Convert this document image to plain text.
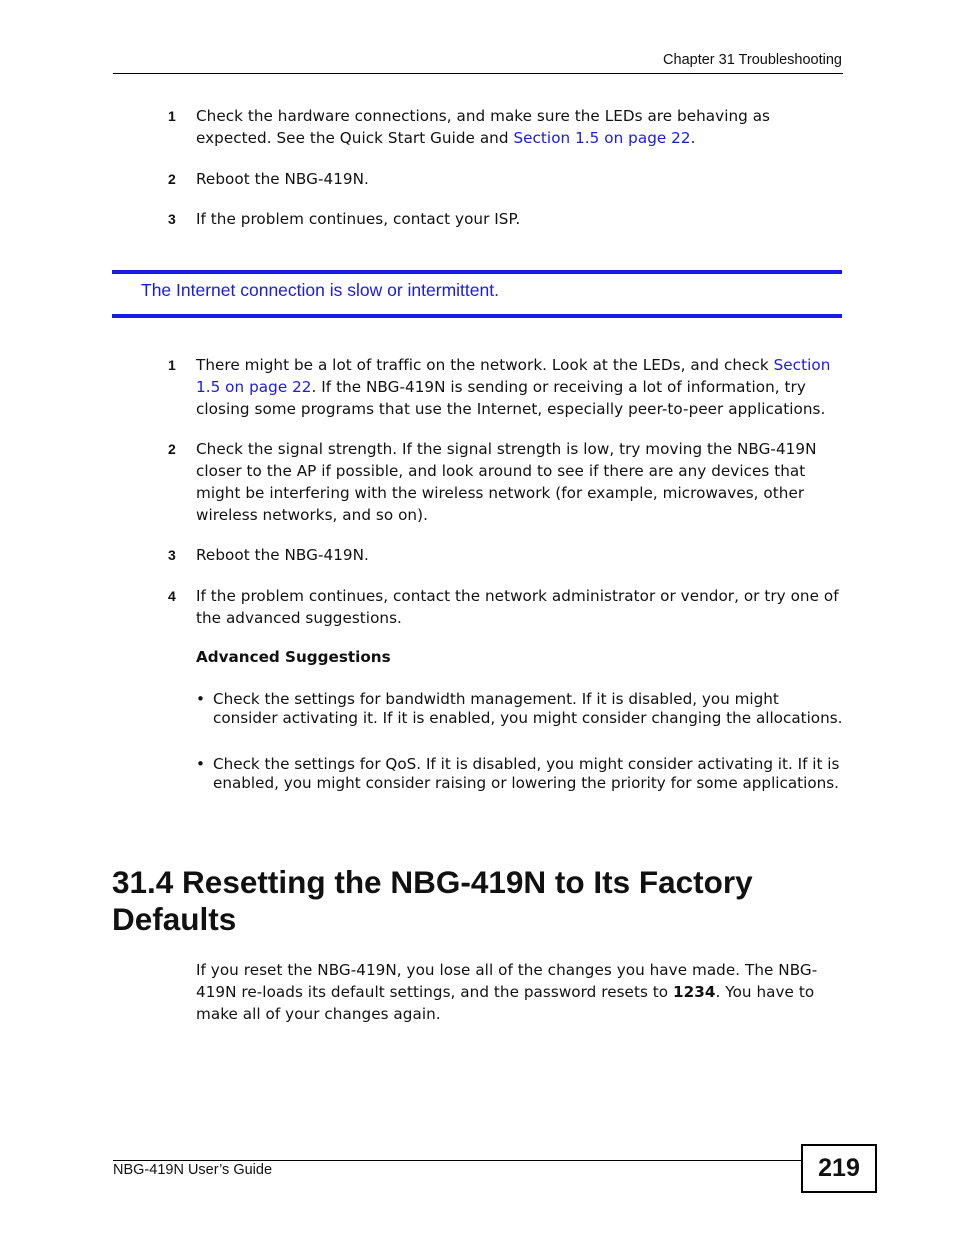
Chapter 31 Troubleshooting
1 Check the hardware connections, and make sure the LEDs are behaving as expected. See the Quick Start Guide and Section 1.5 on page 22.
2 Reboot the NBG-419N.
3 If the problem continues, contact your ISP.
The Internet connection is slow or intermittent.
1 There might be a lot of traffic on the network. Look at the LEDs, and check Section 1.5 on page 22. If the NBG-419N is sending or receiving a lot of information, try closing some programs that use the Internet, especially peer-to-peer applications.
2 Check the signal strength. If the signal strength is low, try moving the NBG-419N closer to the AP if possible, and look around to see if there are any devices that might be interfering with the wireless network (for example, microwaves, other wireless networks, and so on).
3 Reboot the NBG-419N.
4 If the problem continues, contact the network administrator or vendor, or try one of the advanced suggestions.
Advanced Suggestions
• Check the settings for bandwidth management. If it is disabled, you might consider activating it. If it is enabled, you might consider changing the allocations.
• Check the settings for QoS. If it is disabled, you might consider activating it. If it is enabled, you might consider raising or lowering the priority for some applications.
31.4 Resetting the NBG-419N to Its Factory Defaults
If you reset the NBG-419N, you lose all of the changes you have made. The NBG-419N re-loads its default settings, and the password resets to 1234. You have to make all of your changes again.
NBG-419N User’s Guide	219
